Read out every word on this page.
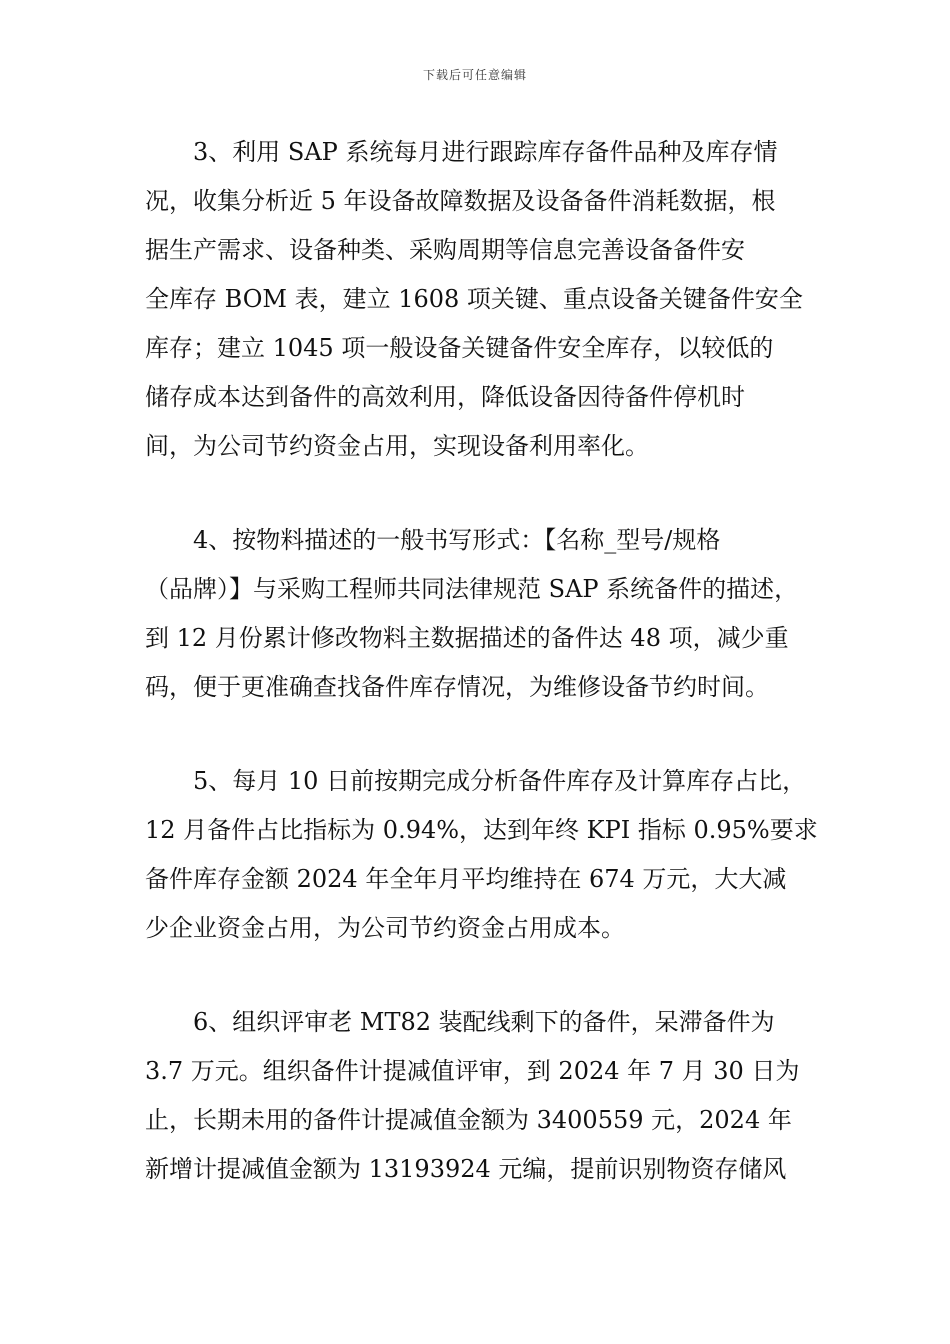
下载后可任意编辑
3、利用 SAP 系统每月进行跟踪库存备件品种及库存情
况，收集分析近 5 年设备故障数据及设备备件消耗数据，根
据生产需求、设备种类、采购周期等信息完善设备备件安
全库存 BOM 表，建立 1608 项关键、重点设备关键备件安全
库存；建立 1045 项一般设备关键备件安全库存，以较低的
储存成本达到备件的高效利用，降低设备因待备件停机时
间，为公司节约资金占用，实现设备利用率化。
4、按物料描述的一般书写形式：【名称_型号/规格
（品牌）】与采购工程师共同法律规范 SAP 系统备件的描述，
到 12 月份累计修改物料主数据描述的备件达 48 项，减少重
码，便于更准确查找备件库存情况，为维修设备节约时间。
5、每月 10 日前按期完成分析备件库存及计算库存占比，
12 月备件占比指标为 0.94%，达到年终 KPI 指标 0.95%要求
备件库存金额 2024 年全年月平均维持在 674 万元，大大减
少企业资金占用，为公司节约资金占用成本。
6、组织评审老 MT82 装配线剩下的备件，呆滞备件为
3.7 万元。组织备件计提减值评审，到 2024 年 7 月 30 日为
止，长期未用的备件计提减值金额为 3400559 元，2024 年
新增计提减值金额为 13193924 元编，提前识别物资存储风
